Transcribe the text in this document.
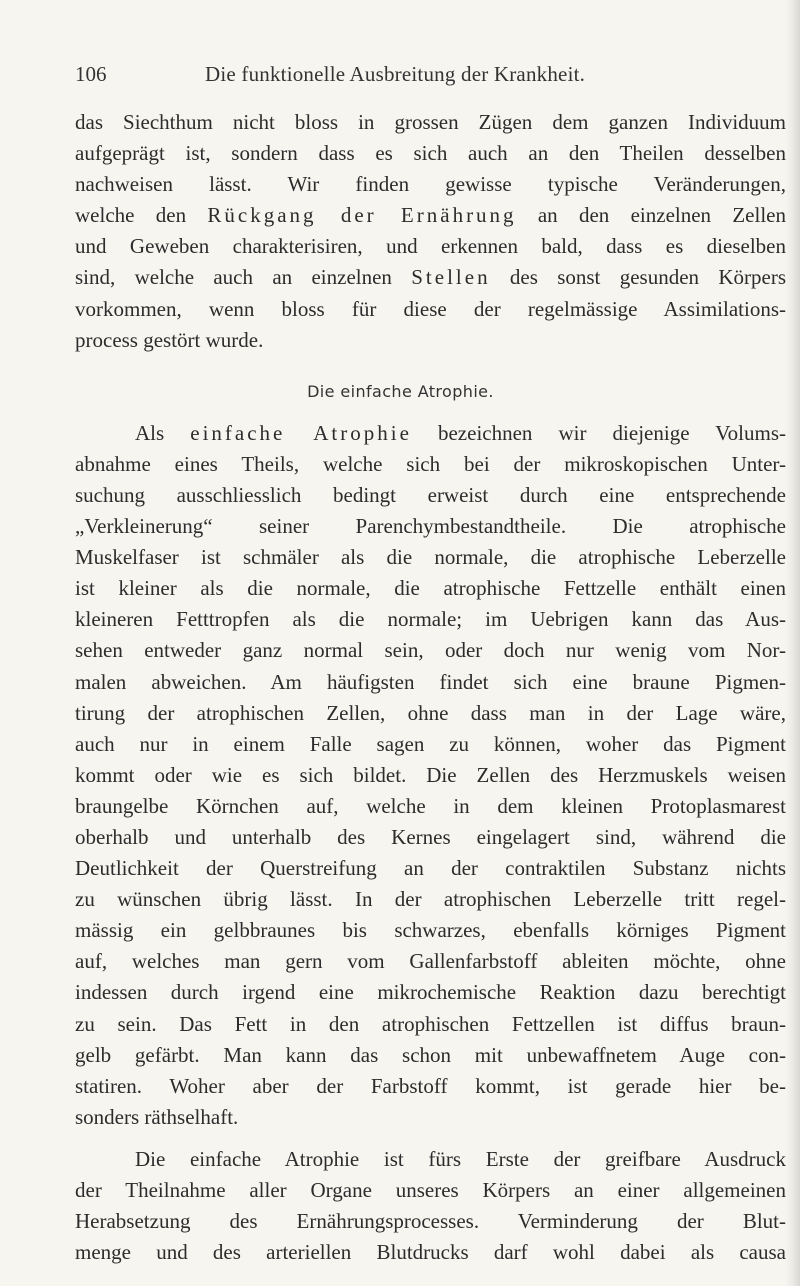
106	Die funktionelle Ausbreitung der Krankheit.

das Siechthum nicht bloss in grossen Zügen dem ganzen Individuum
aufgeprägt ist, sondern dass es sich auch an den Theilen desselben
nachweisen lässt. Wir finden gewisse typische Veränderungen,
welche den Rückgang der Ernährung an den einzelnen Zellen
und Geweben charakterisiren, und erkennen bald, dass es dieselben
sind, welche auch an einzelnen Stellen des sonst gesunden Körpers
vorkommen, wenn bloss für diese der regelmässige Assimilations-
process gestört wurde.

Die einfache Atrophie.

Als einfache Atrophie bezeichnen wir diejenige Volums-
abnahme eines Theils, welche sich bei der mikroskopischen Unter-
suchung ausschliesslich bedingt erweist durch eine entsprechende
„Verkleinerung“ seiner Parenchymbestandtheile. Die atrophische
Muskelfaser ist schmäler als die normale, die atrophische Leberzelle
ist kleiner als die normale, die atrophische Fettzelle enthält einen
kleineren Fetttropfen als die normale; im Uebrigen kann das Aus-
sehen entweder ganz normal sein, oder doch nur wenig vom Nor-
malen abweichen. Am häufigsten findet sich eine braune Pigmen-
tirung der atrophischen Zellen, ohne dass man in der Lage wäre,
auch nur in einem Falle sagen zu können, woher das Pigment
kommt oder wie es sich bildet. Die Zellen des Herzmuskels weisen
braungelbe Körnchen auf, welche in dem kleinen Protoplasmarest
oberhalb und unterhalb des Kernes eingelagert sind, während die
Deutlichkeit der Querstreifung an der contraktilen Substanz nichts
zu wünschen übrig lässt. In der atrophischen Leberzelle tritt regel-
mässig ein gelbbraunes bis schwarzes, ebenfalls körniges Pigment
auf, welches man gern vom Gallenfarbstoff ableiten möchte, ohne
indessen durch irgend eine mikrochemische Reaktion dazu berechtigt
zu sein. Das Fett in den atrophischen Fettzellen ist diffus braun-
gelb gefärbt. Man kann das schon mit unbewaffnetem Auge con-
statiren. Woher aber der Farbstoff kommt, ist gerade hier be-
sonders räthselhaft.

Die einfache Atrophie ist fürs Erste der greifbare Ausdruck
der Theilnahme aller Organe unseres Körpers an einer allgemeinen
Herabsetzung des Ernährungsprocesses. Verminderung der Blut-
menge und des arteriellen Blutdrucks darf wohl dabei als causa
